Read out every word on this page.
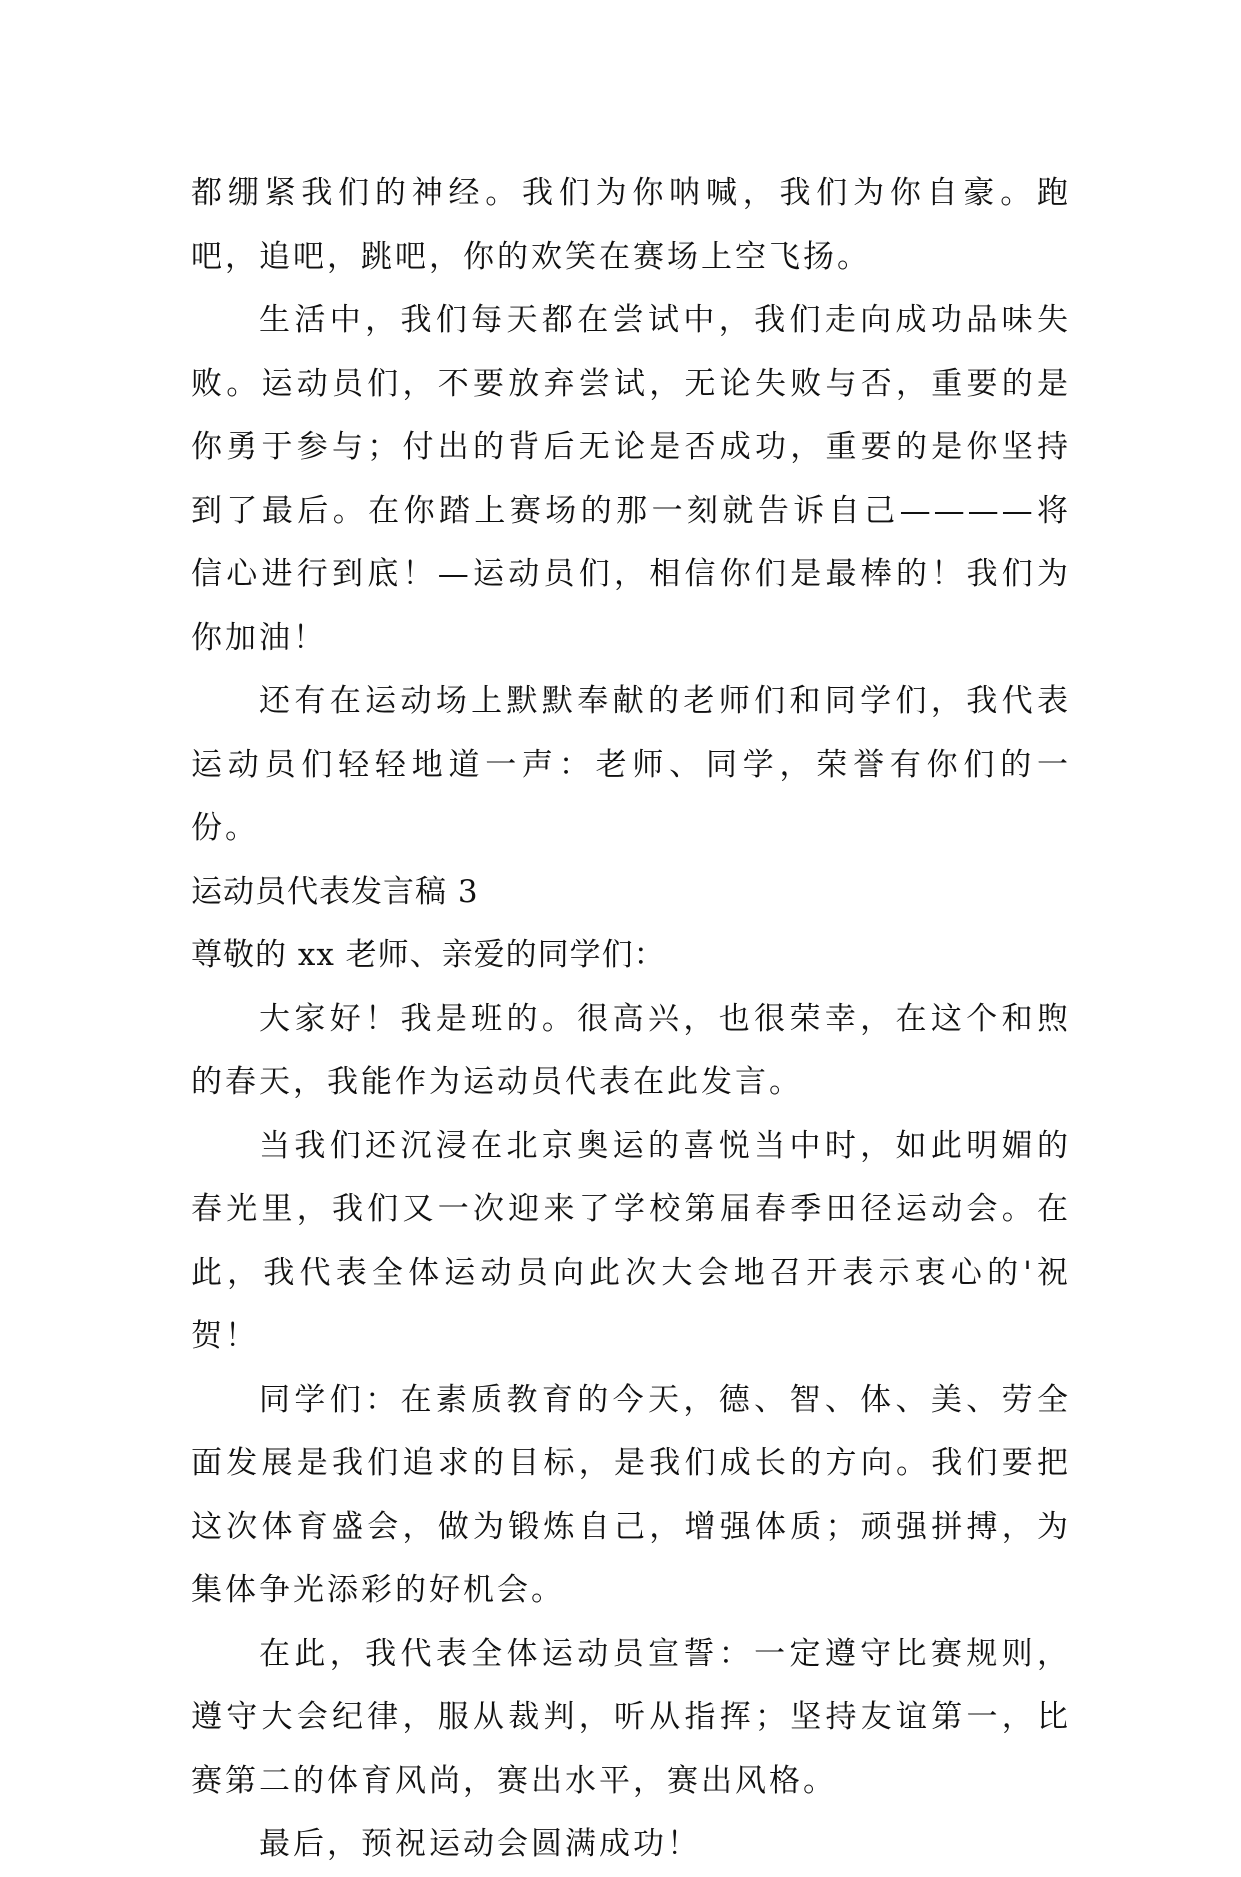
都绷紧我们的神经。我们为你呐喊，我们为你自豪。跑吧，追吧，跳吧，你的欢笑在赛场上空飞扬。

生活中，我们每天都在尝试中，我们走向成功品味失败。运动员们，不要放弃尝试，无论失败与否，重要的是你勇于参与；付出的背后无论是否成功，重要的是你坚持到了最后。在你踏上赛场的那一刻就告诉自己————将信心进行到底！—运动员们，相信你们是最棒的！我们为你加油！

还有在运动场上默默奉献的老师们和同学们，我代表运动员们轻轻地道一声：老师、同学，荣誉有你们的一份。

运动员代表发言稿 3

尊敬的 xx 老师、亲爱的同学们：

大家好！我是班的。很高兴，也很荣幸，在这个和煦的春天，我能作为运动员代表在此发言。

当我们还沉浸在北京奥运的喜悦当中时，如此明媚的春光里，我们又一次迎来了学校第届春季田径运动会。在此，我代表全体运动员向此次大会地召开表示衷心的'祝贺！

同学们：在素质教育的今天，德、智、体、美、劳全面发展是我们追求的目标，是我们成长的方向。我们要把这次体育盛会，做为锻炼自己，增强体质；顽强拼搏，为集体争光添彩的好机会。

在此，我代表全体运动员宣誓：一定遵守比赛规则，遵守大会纪律，服从裁判，听从指挥；坚持友谊第一，比赛第二的体育风尚，赛出水平，赛出风格。

最后，预祝运动会圆满成功！
